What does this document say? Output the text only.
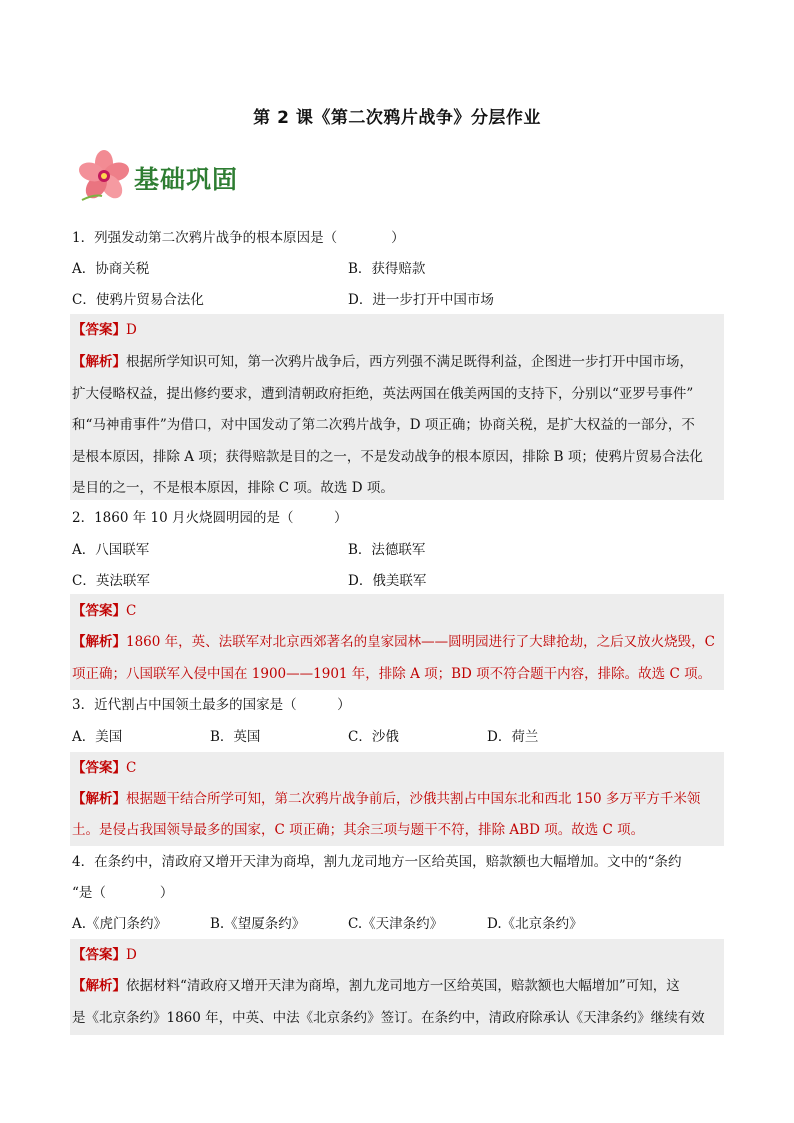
第 2 课《第二次鸦片战争》分层作业
基础巩固
1．列强发动第二次鸦片战争的根本原因是（　　　　）
A．协商关税	B．获得赔款
C．使鸦片贸易合法化	D．进一步打开中国市场
【答案】D
【解析】根据所学知识可知，第一次鸦片战争后，西方列强不满足既得利益，企图进一步打开中国市场，
扩大侵略权益，提出修约要求，遭到清朝政府拒绝，英法两国在俄美两国的支持下，分别以“亚罗号事件”
和“马神甫事件”为借口，对中国发动了第二次鸦片战争，D 项正确；协商关税，是扩大权益的一部分，不
是根本原因，排除 A 项；获得赔款是目的之一，不是发动战争的根本原因，排除 B 项；使鸦片贸易合法化
是目的之一，不是根本原因，排除 C 项。故选 D 项。
2．1860 年 10 月火烧圆明园的是（　　　）
A．八国联军	B．法德联军
C．英法联军	D．俄美联军
【答案】C
【解析】1860 年，英、法联军对北京西郊著名的皇家园林——圆明园进行了大肆抢劫，之后又放火烧毁，C
项正确；八国联军入侵中国在 1900——1901 年，排除 A 项；BD 项不符合题干内容，排除。故选 C 项。
3．近代割占中国领土最多的国家是（　　　）
A．美国	B．英国	C．沙俄	D．荷兰
【答案】C
【解析】根据题干结合所学可知，第二次鸦片战争前后，沙俄共割占中国东北和西北 150 多万平方千米领
土。是侵占我国领导最多的国家，C 项正确；其余三项与题干不符，排除 ABD 项。故选 C 项。
4．在条约中，清政府又增开天津为商埠，割九龙司地方一区给英国，赔款额也大幅增加。文中的“条约
“是（　　　　）
A.《虎门条约》	B.《望厦条约》	C.《天津条约》	D.《北京条约》
【答案】D
【解析】依据材料“清政府又增开天津为商埠，割九龙司地方一区给英国，赔款额也大幅增加”可知，这
是《北京条约》1860 年，中英、中法《北京条约》签订。在条约中，清政府除承认《天津条约》继续有效
